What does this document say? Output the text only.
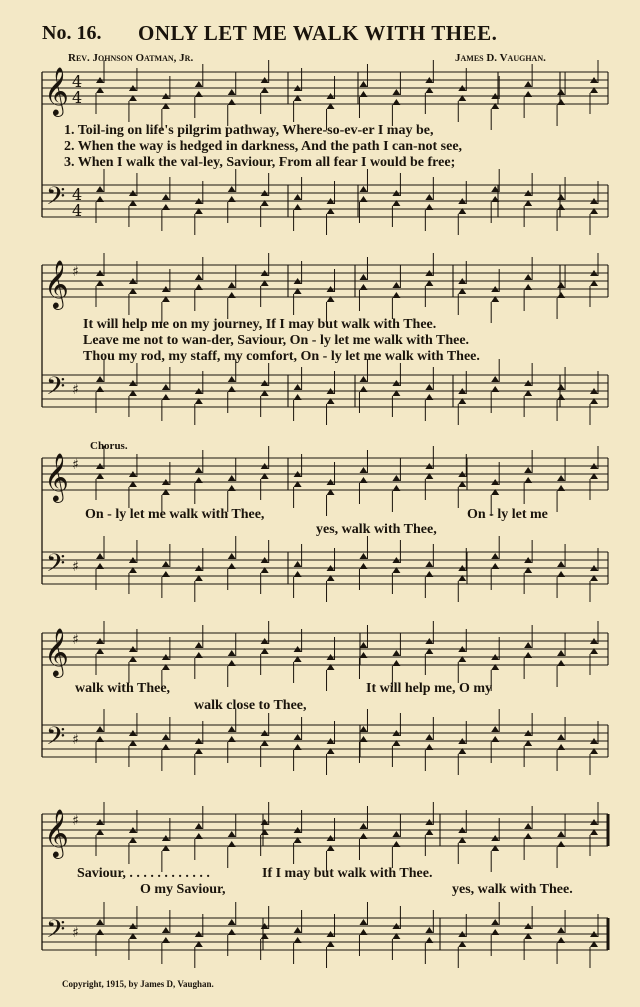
No. 16. ONLY LET ME WALK WITH THEE.
Rev. Johnson Oatman, Jr.	James D. Vaughan.
𝄞
𝄢
4
4
4
4
𝄞
𝄢
♯
♯
𝄞
𝄢
♯
♯
𝄞
𝄢
♯
♯
𝄞
𝄢
♯
♯
1. Toil-ing on life's pilgrim pathway, Where-so-ev-er I may be,
2. When the way is hedged in darkness, And the path I can-not see,
3. When I walk the val-ley, Saviour, From all fear I would be free;
It will help me on my journey, If I may but walk with Thee.
Leave me not to wan-der, Saviour, On - ly let me walk with Thee.
Thou my rod, my staff, my comfort, On - ly let me walk with Thee.
Chorus.
On - ly let me walk with Thee,	On - ly let me
yes, walk with Thee,
walk with Thee,	It will help me, O my
walk close to Thee,
Saviour, . . . . . . . . . . . .	If I may but walk with Thee.
O my Saviour,	yes, walk with Thee.
Copyright, 1915, by James D, Vaughan.
